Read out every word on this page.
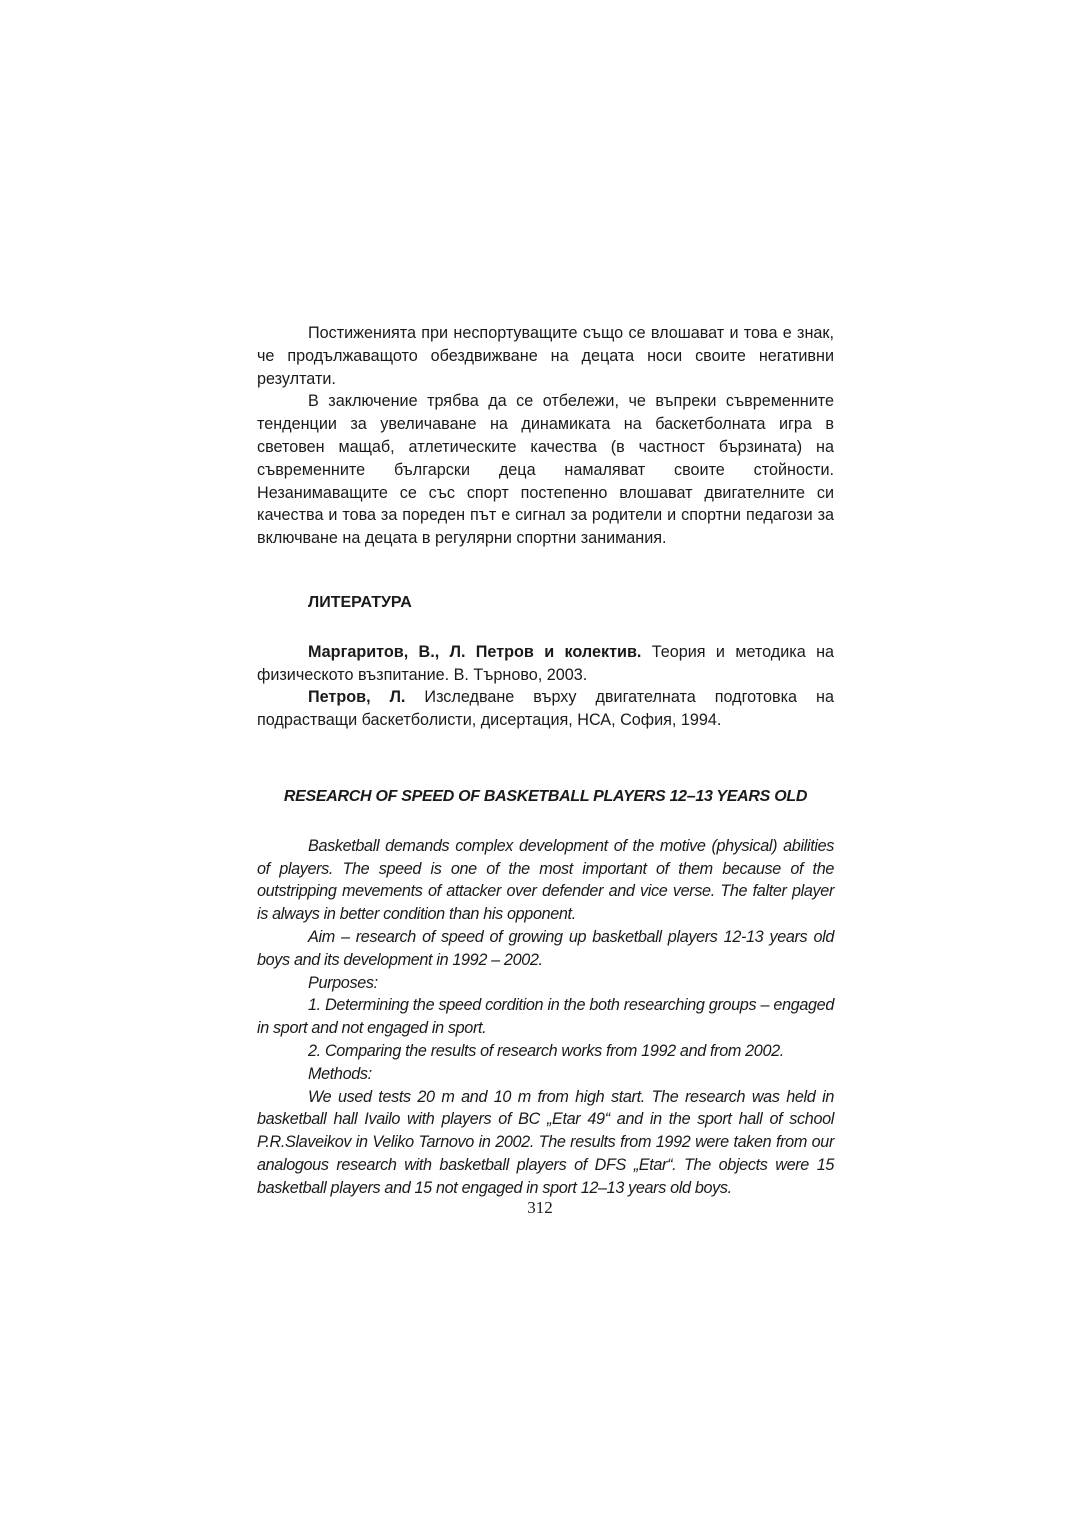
Постиженията при неспортуващите също се влошават и това е знак, че продължаващото обездвижване на децата носи своите негативни резултати.

В заключение трябва да се отбележи, че въпреки съвременните тенденции за увеличаване на динамиката на баскетболната игра в световен мащаб, атлетическите качества (в частност бързината) на съвременните български деца намаляват своите стойности. Незанимаващите се със спорт постепенно влошават двигателните си качества и това за пореден път е сигнал за родители и спортни педагози за включване на децата в регулярни спортни занимания.

ЛИТЕРАТУРА

Маргаритов, В., Л. Петров и колектив. Теория и методика на физическото възпитание. В. Търново, 2003.

Петров, Л. Изследване върху двигателната подготовка на подрастващи баскетболисти, дисертация, НСА, София, 1994.

RESEARCH OF SPEED OF BASKETBALL PLAYERS 12–13 YEARS OLD

Basketball demands complex development of the motive (physical) abilities of players. The speed is one of the most important of them because of the outstripping mevements of attacker over defender and vice verse. The falter player is always in better condition than his opponent.

Aim – research of speed of growing up basketball players 12-13 years old boys and its development in 1992 – 2002.

Purposes:

1. Determining the speed cordition in the both researching groups – engaged in sport and not engaged in sport.

2. Comparing the results of research works from 1992 and from 2002.

Methods:

We used tests 20 m and 10 m from high start. The research was held in basketball hall Ivailo with players of BC „Etar 49“ and in the sport hall of school P.R.Slaveikov in Veliko Tarnovo in 2002. The results from 1992 were taken from our analogous research with basketball players of DFS „Etar“. The objects were 15 basketball players and 15 not engaged in sport 12–13 years old boys.

312
